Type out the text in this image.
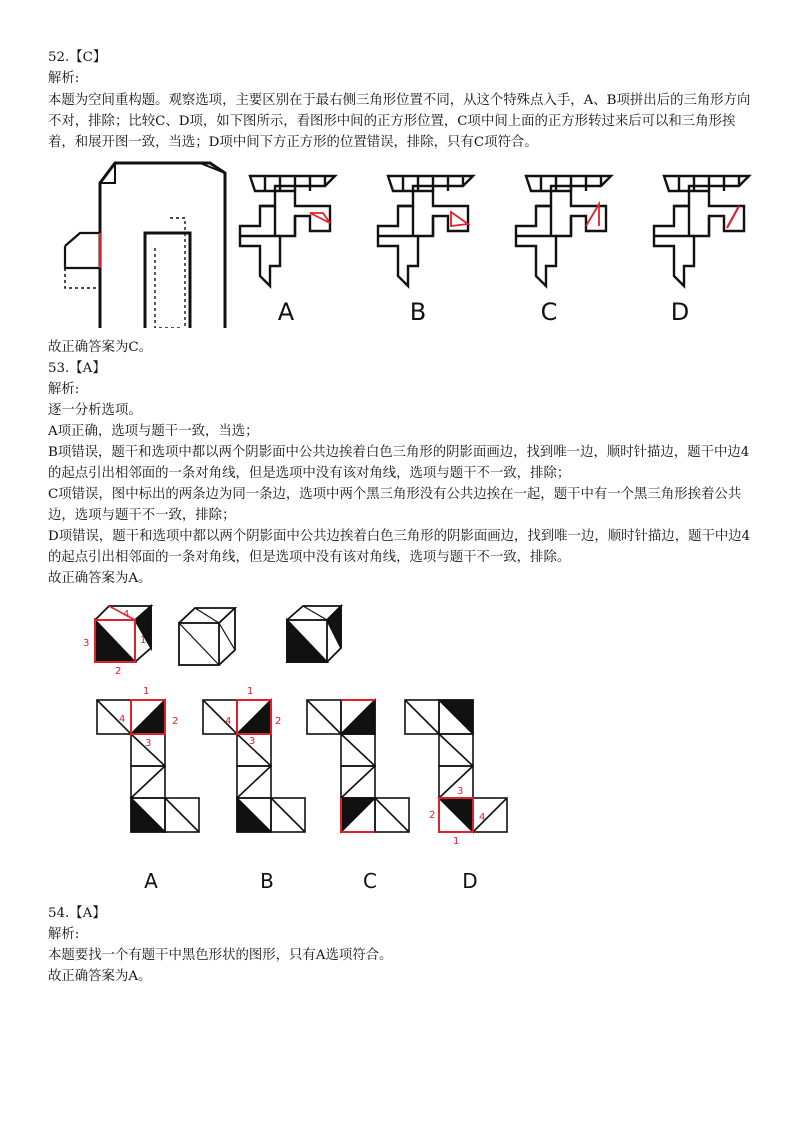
52.【C】
解析:
本题为空间重构题。观察选项，主要区别在于最右侧三角形位置不同，从这个特殊点入手，A、B项拼出后的三角形方向不对，排除；比较C、D项，如下图所示，看图形中间的正方形位置，C项中间上面的正方形转过来后可以和三角形挨着，和展开图一致，当选；D项中间下方正方形的位置错误，排除，只有C项符合。
A	B	C	D
故正确答案为C。
53.【A】
解析:
逐一分析选项。
A项正确，选项与题干一致，当选；
B项错误，题干和选项中都以两个阴影面中公共边挨着白色三角形的阴影面画边，找到唯一边，顺时针描边，题干中边4的起点引出相邻面的一条对角线，但是选项中没有该对角线，选项与题干不一致，排除；
C项错误，图中标出的两条边为同一条边，选项中两个黑三角形没有公共边挨在一起，题干中有一个黑三角形挨着公共边，选项与题干不一致，排除；
D项错误，题干和选项中都以两个阴影面中公共边挨着白色三角形的阴影面画边，找到唯一边，顺时针描边，题干中边4的起点引出相邻面的一条对角线，但是选项中没有该对角线，选项与题干不一致，排除。
故正确答案为A。
3
2
4
1
1
2
3
4
1
2
3
4
1
2
3
4
A	B	C	D
54.【A】
解析:
本题要找一个有题干中黑色形状的图形，只有A选项符合。
故正确答案为A。
